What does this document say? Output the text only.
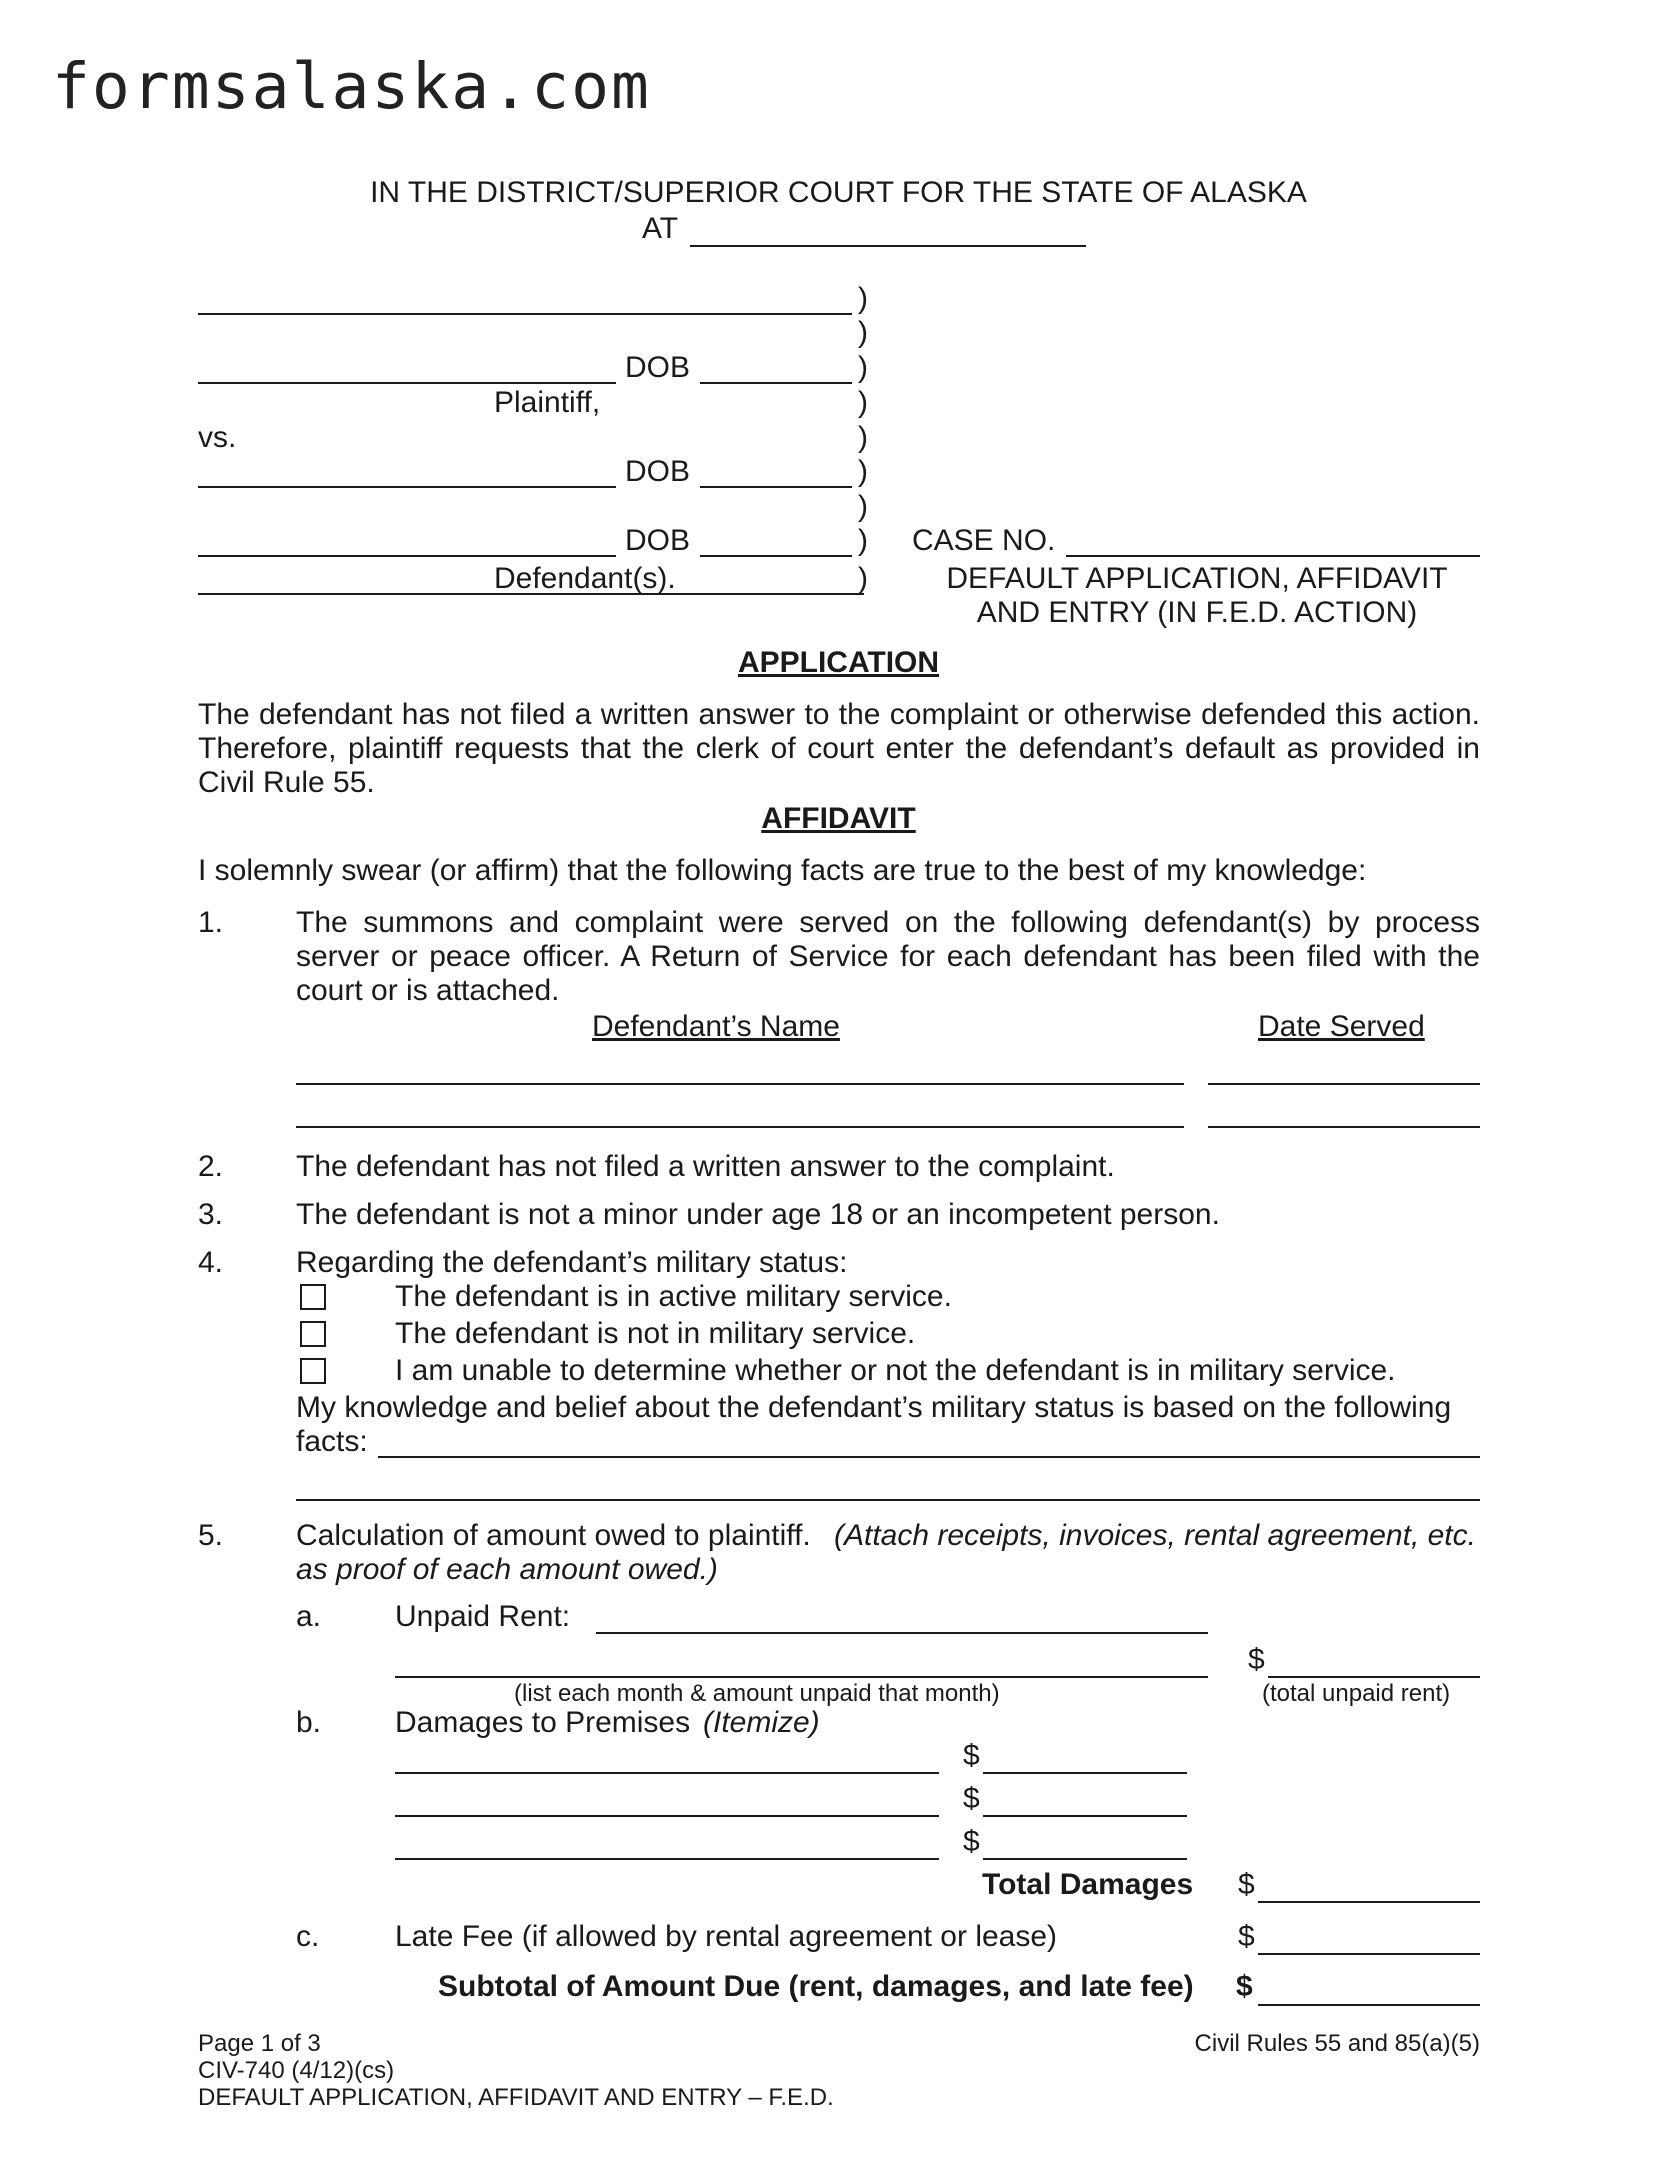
formsalaska.com
IN THE DISTRICT/SUPERIOR COURT FOR THE STATE OF ALASKA
AT
)
)
DOB	)
Plaintiff,	)
vs.	)
DOB	)
)
DOB	)
Defendant(s).	)
CASE NO.
DEFAULT APPLICATION, AFFIDAVIT
AND ENTRY (IN F.E.D. ACTION)
APPLICATION
The defendant has not filed a written answer to the complaint or otherwise defended this action. Therefore, plaintiff requests that the clerk of court enter the defendant’s default as provided in Civil Rule 55.
AFFIDAVIT
I solemnly swear (or affirm) that the following facts are true to the best of my knowledge:
1. The summons and complaint were served on the following defendant(s) by process server or peace officer. A Return of Service for each defendant has been filed with the court or is attached.
Defendant’s Name	Date Served
2. The defendant has not filed a written answer to the complaint.
3. The defendant is not a minor under age 18 or an incompetent person.
4. Regarding the defendant’s military status:
The defendant is in active military service.
The defendant is not in military service.
I am unable to determine whether or not the defendant is in military service.
My knowledge and belief about the defendant’s military status is based on the following
facts:
5. Calculation of amount owed to plaintiff. (Attach receipts, invoices, rental agreement, etc.
as proof of each amount owed.)
a. Unpaid Rent:
$
(list each month & amount unpaid that month)	(total unpaid rent)
b. Damages to Premises (Itemize)
$
$
$
Total Damages $
c.	Late Fee (if allowed by rental agreement or lease)	$
Subtotal of Amount Due (rent, damages, and late fee) $
Page 1 of 3
CIV-740 (4/12)(cs)
DEFAULT APPLICATION, AFFIDAVIT AND ENTRY – F.E.D.
Civil Rules 55 and 85(a)(5)
